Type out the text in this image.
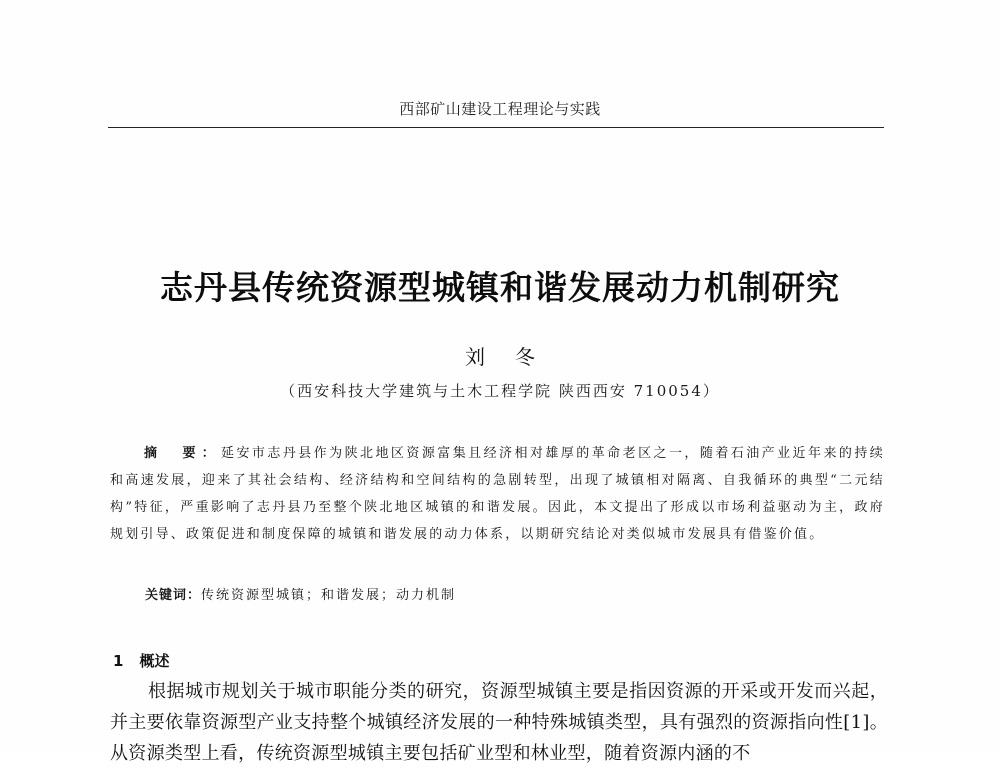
西部矿山建设工程理论与实践
志丹县传统资源型城镇和谐发展动力机制研究
刘冬
（西安科技大学建筑与土木工程学院 陕西西安 710054）
摘　要：延安市志丹县作为陕北地区资源富集且经济相对雄厚的革命老区之一，随着石油产业近年来的持续和高速发展，迎来了其社会结构、经济结构和空间结构的急剧转型，出现了城镇相对隔离、自我循环的典型“二元结构”特征，严重影响了志丹县乃至整个陕北地区城镇的和谐发展。因此，本文提出了形成以市场利益驱动为主，政府规划引导、政策促进和制度保障的城镇和谐发展的动力体系，以期研究结论对类似城市发展具有借鉴价值。
关键词：传统资源型城镇；和谐发展；动力机制
1 概述
根据城市规划关于城市职能分类的研究，资源型城镇主要是指因资源的开采或开发而兴起，并主要依靠资源型产业支持整个城镇经济发展的一种特殊城镇类型，具有强烈的资源指向性[1]。从资源类型上看，传统资源型城镇主要包括矿业型和林业型，随着资源内涵的不
